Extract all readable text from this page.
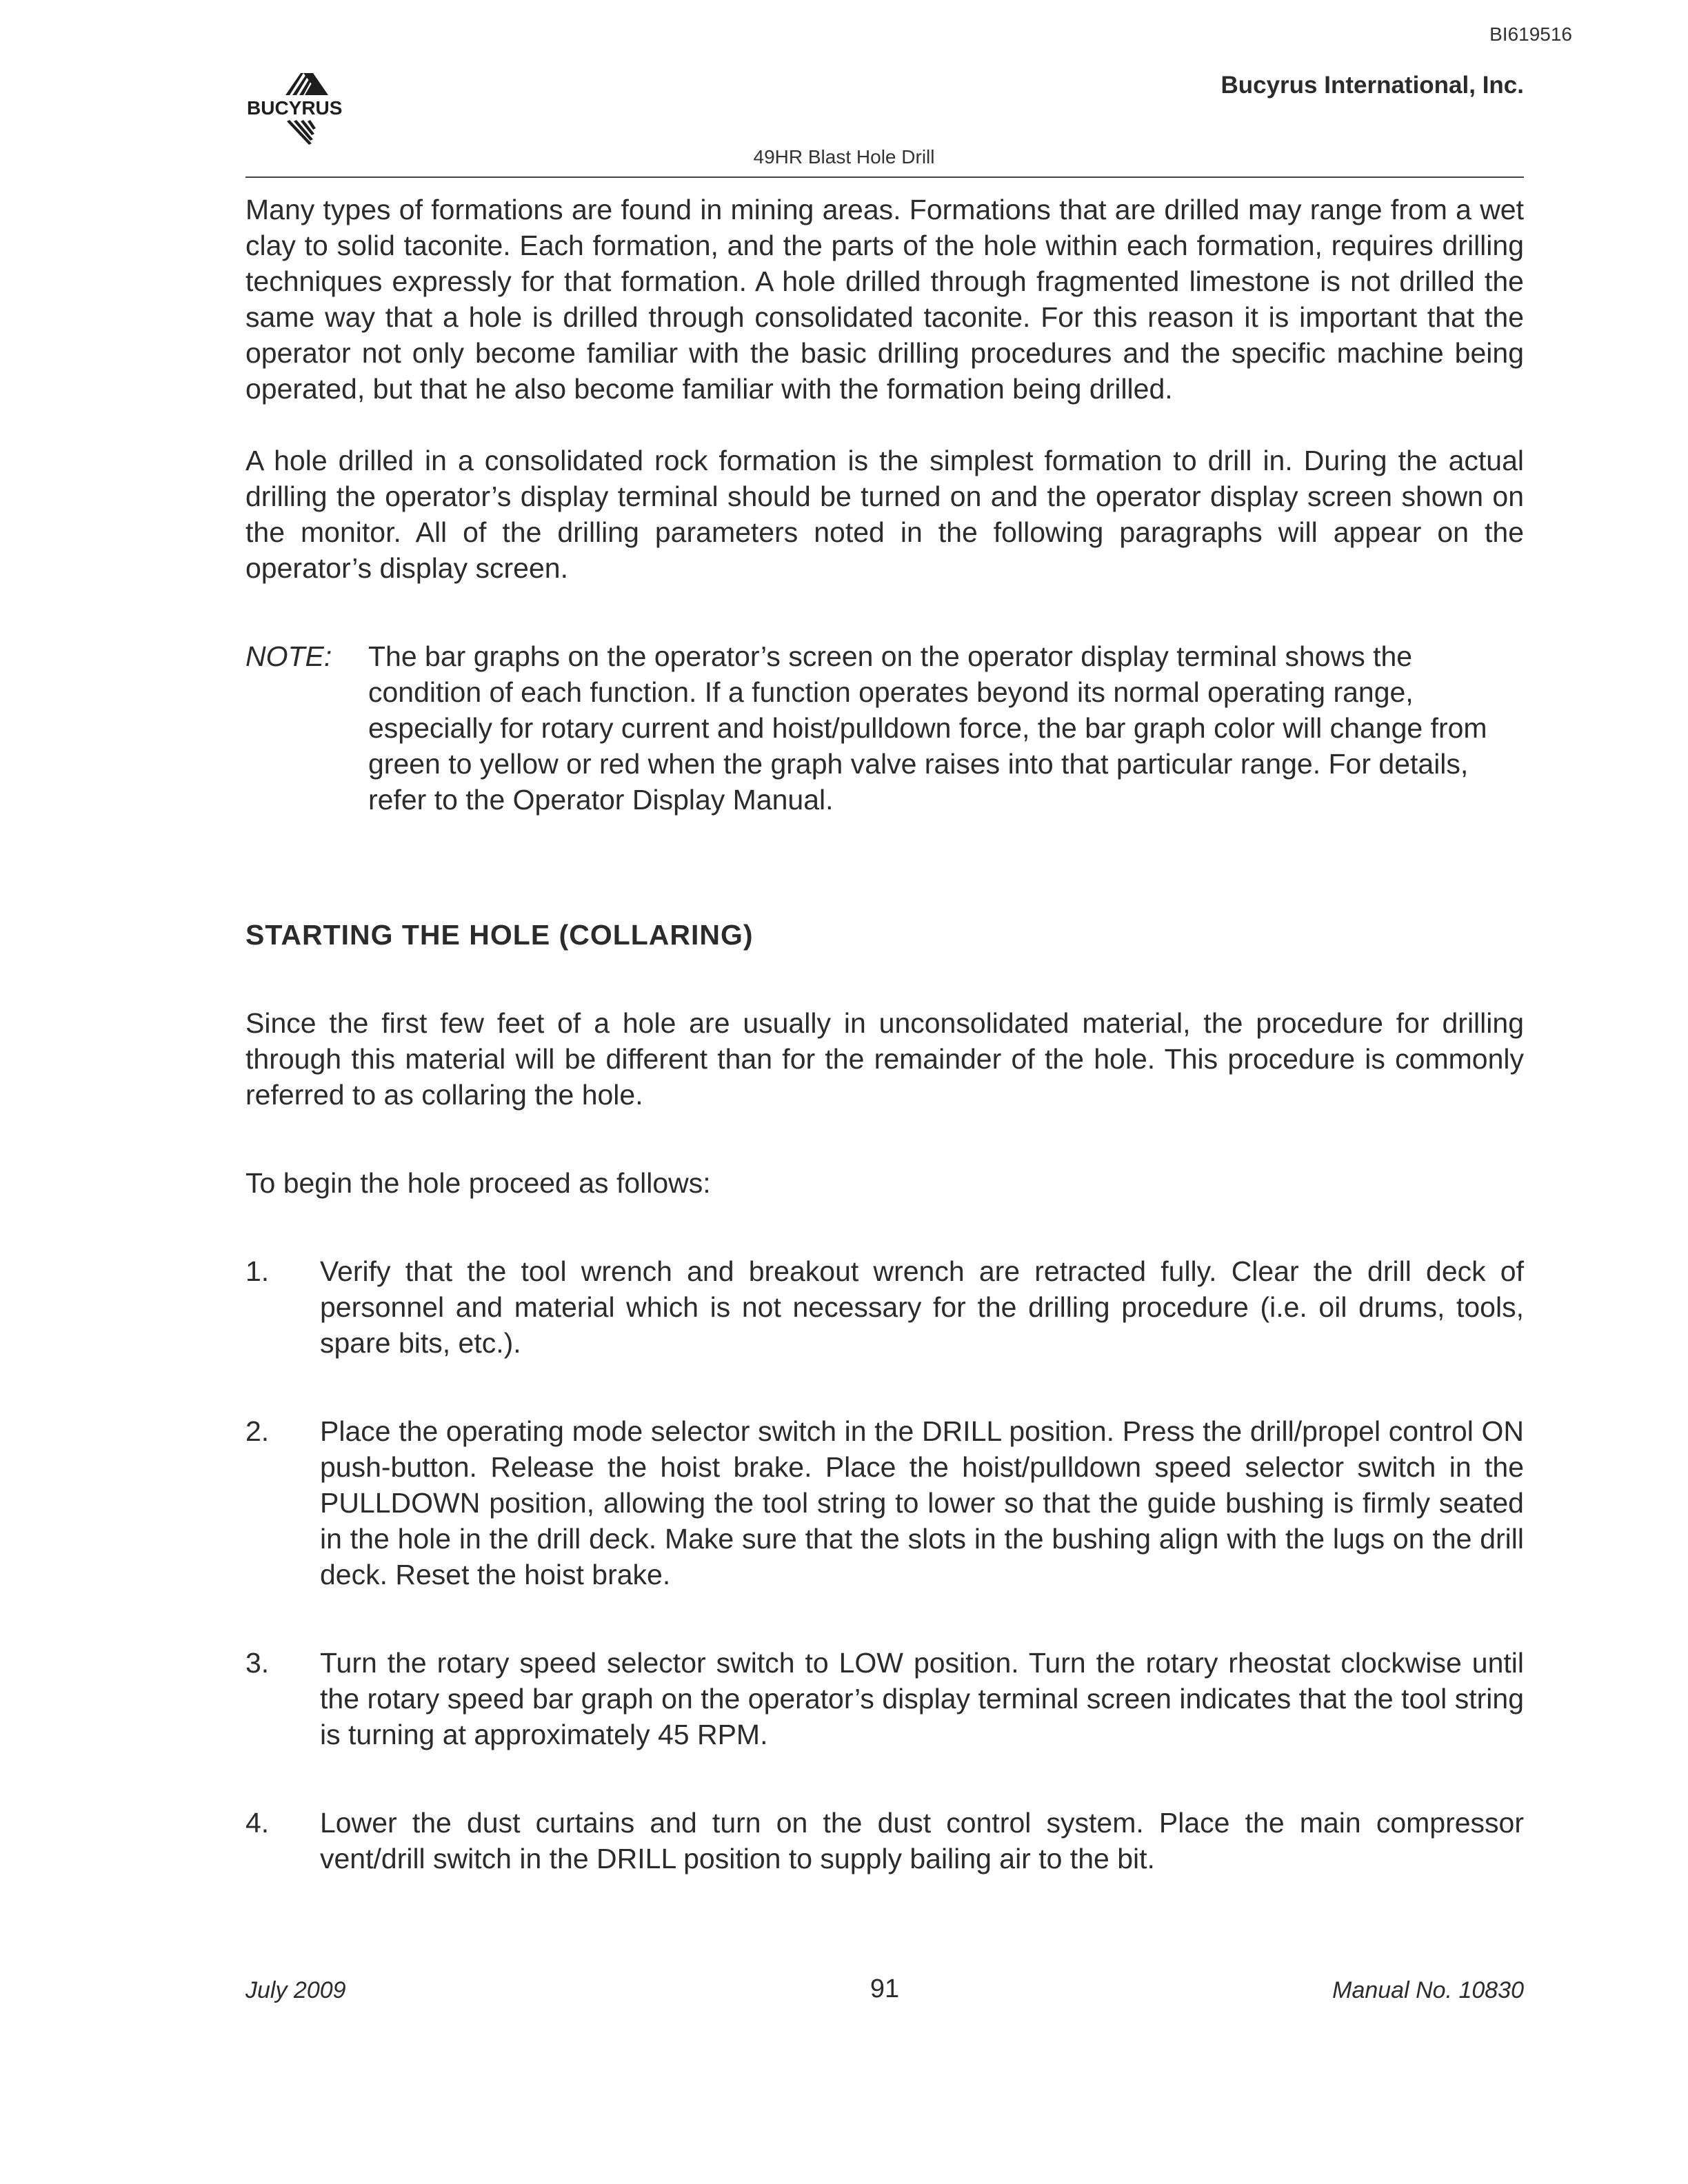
BI619516
BUCYRUS
Bucyrus International, Inc.
49HR Blast Hole Drill

Many types of formations are found in mining areas. Formations that are drilled may range from a wet clay to solid taconite. Each formation, and the parts of the hole within each formation, requires drilling techniques expressly for that formation. A hole drilled through fragmented limestone is not drilled the same way that a hole is drilled through consolidated taconite. For this reason it is important that the operator not only become familiar with the basic drilling procedures and the specific machine being operated, but that he also become familiar with the formation being drilled.

A hole drilled in a consolidated rock formation is the simplest formation to drill in. During the actual drilling the operator’s display terminal should be turned on and the operator display screen shown on the monitor. All of the drilling parameters noted in the following paragraphs will appear on the operator’s display screen.

NOTE:	The bar graphs on the operator’s screen on the operator display terminal shows the condition of each function. If a function operates beyond its normal operating range, especially for rotary current and hoist/pulldown force, the bar graph color will change from green to yellow or red when the graph valve raises into that particular range. For details, refer to the Operator Display Manual.
STARTING THE HOLE (COLLARING)

Since the first few feet of a hole are usually in unconsolidated material, the procedure for drilling through this material will be different than for the remainder of the hole. This procedure is commonly referred to as collaring the hole.

To begin the hole proceed as follows:

1.	Verify that the tool wrench and breakout wrench are retracted fully. Clear the drill deck of personnel and material which is not necessary for the drilling procedure (i.e. oil drums, tools, spare bits, etc.).
2.	Place the operating mode selector switch in the DRILL position. Press the drill/propel control ON push-button. Release the hoist brake. Place the hoist/pulldown speed selector switch in the PULLDOWN position, allowing the tool string to lower so that the guide bushing is firmly seated in the hole in the drill deck. Make sure that the slots in the bushing align with the lugs on the drill deck. Reset the hoist brake.
3.	Turn the rotary speed selector switch to LOW position. Turn the rotary rheostat clockwise until the rotary speed bar graph on the operator’s display terminal screen indicates that the tool string is turning at approximately 45 RPM.
4.	Lower the dust curtains and turn on the dust control system. Place the main compressor vent/drill switch in the DRILL position to supply bailing air to the bit.
July 2009	91	Manual No. 10830
